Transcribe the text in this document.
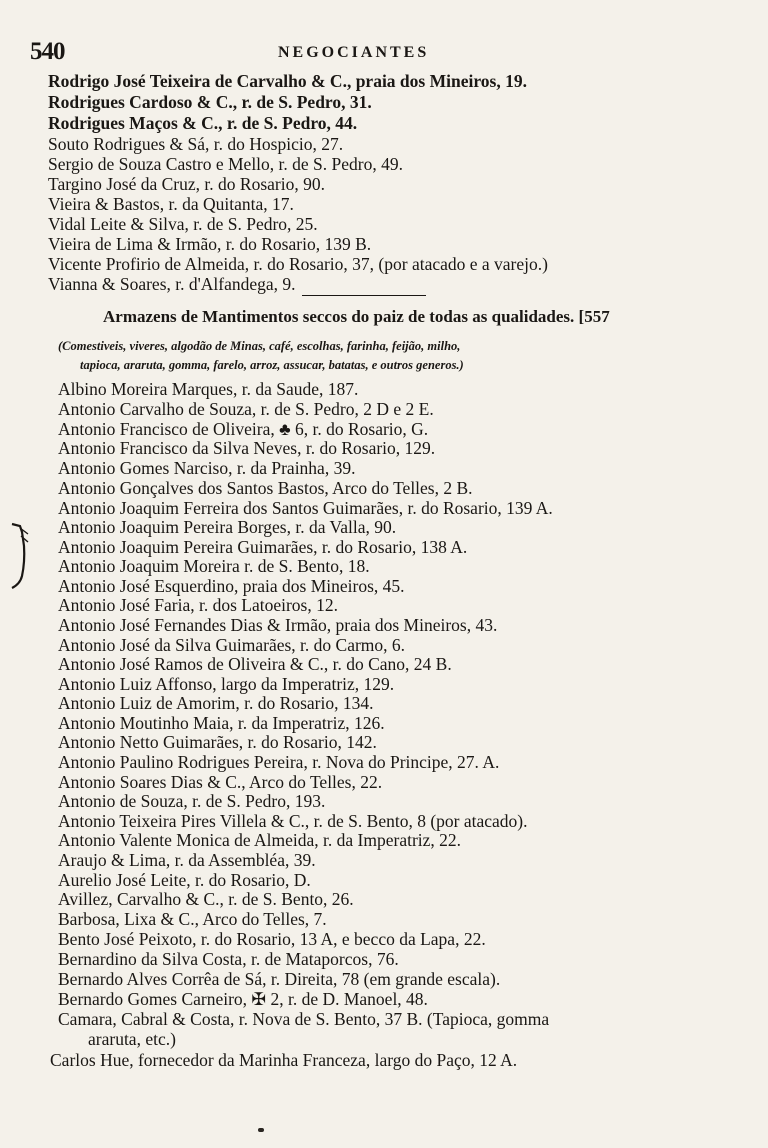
540	NEGOCIANTES
Rodrigo José Teixeira de Carvalho & C., praia dos Mineiros, 19.
Rodrigues Cardoso & C., r. de S. Pedro, 31.
Rodrigues Maços & C., r. de S. Pedro, 44.
Souto Rodrigues & Sá, r. do Hospicio, 27.
Sergio de Souza Castro e Mello, r. de S. Pedro, 49.
Targino José da Cruz, r. do Rosario, 90.
Vieira & Bastos, r. da Quitanta, 17.
Vidal Leite & Silva, r. de S. Pedro, 25.
Vieira de Lima & Irmão, r. do Rosario, 139 B.
Vicente Profirio de Almeida, r. do Rosario, 37, (por atacado e a varejo.)
Vianna & Soares, r. d'Alfandega, 9.
Armazens de Mantimentos seccos do paiz de todas as qualidades. [557
(Comestiveis, viveres, algodão de Minas, café, escolhas, farinha, feijão, milho,
tapioca, araruta, gomma, farelo, arroz, assucar, batatas, e outros generos.)
Albino Moreira Marques, r. da Saude, 187.
Antonio Carvalho de Souza, r. de S. Pedro, 2 D e 2 E.
Antonio Francisco de Oliveira, ♣ 6, r. do Rosario, G.
Antonio Francisco da Silva Neves, r. do Rosario, 129.
Antonio Gomes Narciso, r. da Prainha, 39.
Antonio Gonçalves dos Santos Bastos, Arco do Telles, 2 B.
Antonio Joaquim Ferreira dos Santos Guimarães, r. do Rosario, 139 A.
Antonio Joaquim Pereira Borges, r. da Valla, 90.
Antonio Joaquim Pereira Guimarães, r. do Rosario, 138 A.
Antonio Joaquim Moreira r. de S. Bento, 18.
Antonio José Esquerdino, praia dos Mineiros, 45.
Antonio José Faria, r. dos Latoeiros, 12.
Antonio José Fernandes Dias & Irmão, praia dos Mineiros, 43.
Antonio José da Silva Guimarães, r. do Carmo, 6.
Antonio José Ramos de Oliveira & C., r. do Cano, 24 B.
Antonio Luiz Affonso, largo da Imperatriz, 129.
Antonio Luiz de Amorim, r. do Rosario, 134.
Antonio Moutinho Maia, r. da Imperatriz, 126.
Antonio Netto Guimarães, r. do Rosario, 142.
Antonio Paulino Rodrigues Pereira, r. Nova do Principe, 27. A.
Antonio Soares Dias & C., Arco do Telles, 22.
Antonio de Souza, r. de S. Pedro, 193.
Antonio Teixeira Pires Villela & C., r. de S. Bento, 8 (por atacado).
Antonio Valente Monica de Almeida, r. da Imperatriz, 22.
Araujo & Lima, r. da Assembléa, 39.
Aurelio José Leite, r. do Rosario, D.
Avillez, Carvalho & C., r. de S. Bento, 26.
Barbosa, Lixa & C., Arco do Telles, 7.
Bento José Peixoto, r. do Rosario, 13 A, e becco da Lapa, 22.
Bernardino da Silva Costa, r. de Mataporcos, 76.
Bernardo Alves Corrêa de Sá, r. Direita, 78 (em grande escala).
Bernardo Gomes Carneiro, ✠ 2, r. de D. Manoel, 48.
Camara, Cabral & Costa, r. Nova de S. Bento, 37 B. (Tapioca, gomma
araruta, etc.)
Carlos Hue, fornecedor da Marinha Franceza, largo do Paço, 12 A.
